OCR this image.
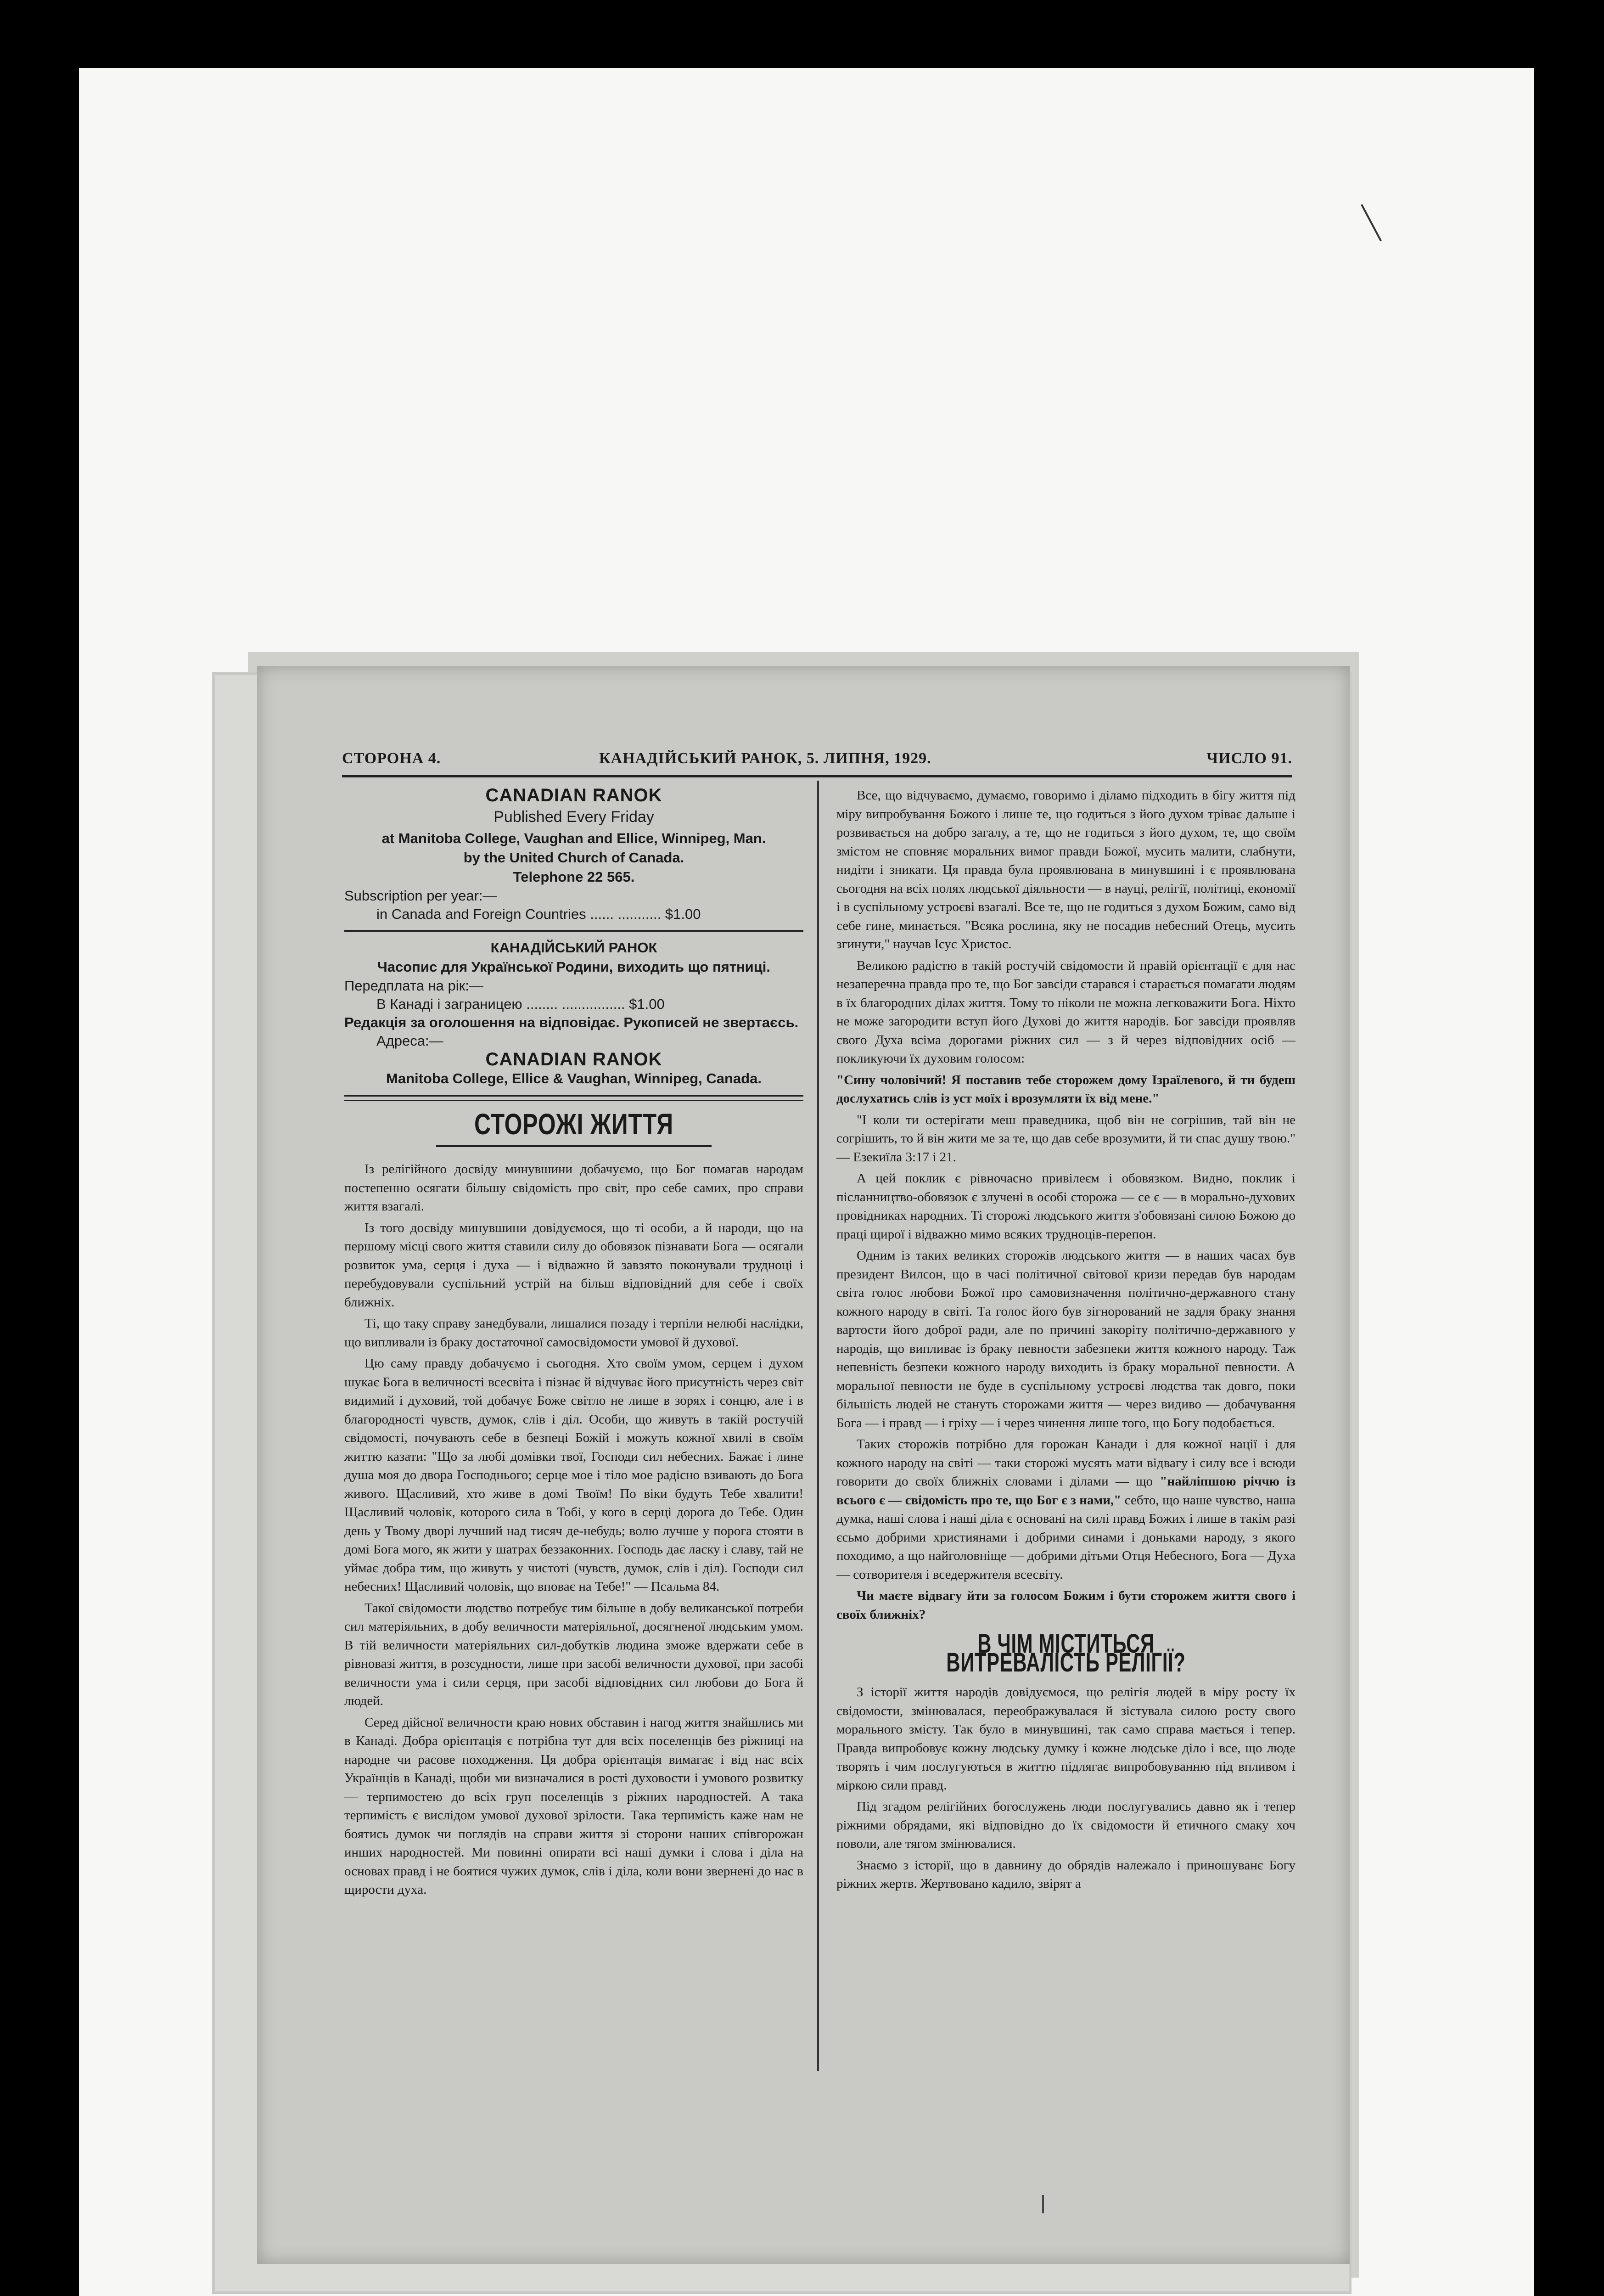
СТОРОНА 4.	КАНАДІЙСЬКИЙ РАНОК, 5. ЛИПНЯ, 1929.	ЧИСЛО 91.
CANADIAN RANOK
Published Every Friday
at Manitoba College, Vaughan and Ellice, Winnipeg, Man.
by the United Church of Canada.
Telephone 22 565.
Subscription per year:—
in Canada and Foreign Countries ...... ........... $1.00
КАНАДІЙСЬКИЙ РАНОК
Часопис для Української Родини, виходить що пятниці.
Передплата на рік:—
В Канаді і заграницею ........ ................ $1.00
Редакція за оголошення на відповідає. Рукописей не звертаєсь.
Адреса:—
CANADIAN RANOK
Manitoba College, Ellice & Vaughan, Winnipeg, Canada.
СТОРОЖІ ЖИТТЯ

Із релігійного досвіду минувшини добачуємо, що Бог помагав народам постепенно осягати більшу свідомість про світ, про себе самих, про справи життя взагалі.

Із того досвіду минувшини довідуємося, що ті особи, а й народи, що на першому місці свого життя ставили силу до обовязок пізнавати Бога — осягали розвиток ума, серця і духа — і відважно й завзято поконували трудноці і перебудовували суспільний устрій на більш відповідний для себе і своїх ближніх.

Ті, що таку справу занедбували, лишалися позаду і терпіли нелюбі наслідки, що випливали із браку достаточної самосвідомости умової й духової.

Цю саму правду добачуємо і сьогодня. Хто своїм умом, серцем і духом шукає Бога в величності всесвіта і пізнає й відчуває його присутність через світ видимий і духовий, той добачує Боже світло не лише в зорях і сонцю, але і в благородності чувств, думок, слів і діл. Особи, що живуть в такій ростучій свідомості, почувають себе в безпеці Божій і можуть кожної хвилі в своїм життю казати: "Що за любі домівки твої, Господи сил небесних. Бажає і лине душа моя до двора Господнього; серце мое і тіло мое радісно взивають до Бога живого. Щасливий, хто живе в домі Твоїм! По віки будуть Тебе хвалити! Щасливий чоловік, которого сила в Тобі, у кого в серці дорога до Тебе. Один день у Твому дворі лучший над тисяч де-небудь; волю лучше у порога стояти в домі Бога мого, як жити у шатрах беззаконних. Господь дає ласку і славу, тай не уймає добра тим, що живуть у чистоті (чувств, думок, слів і діл). Господи сил небесних! Щасливий чоловік, що вповає на Тебе!" — Псальма 84.

Такої свідомости людство потребує тим більше в добу великанської потреби сил матеріяльних, в добу величности матеріяльної, досягненої людським умом. В тій величности матеріяльних сил-добутків людина зможе вдержати себе в рівновазі життя, в розсудности, лише при засобі величности духової, при засобі величности ума і сили серця, при засобі відповідних сил любови до Бога й людей.

Серед дійсної величности краю нових обставин і нагод життя знайшлись ми в Канаді. Добра орієнтація є потрібна тут для всіх поселенців без ріжниці на народне чи расове походження. Ця добра орієнтація вимагає і від нас всіх Українців в Канаді, щоби ми визначалися в рості духовости і умового розвитку — терпимостею до всіх груп поселенців з ріжних народностей. А така терпимість є вислідом умової духової зрілости. Така терпимість каже нам не боятись думок чи поглядів на справи життя зі сторони наших співгорожан инших народностей. Ми повинні опирати всі наші думки і слова і діла на основах правд і не боятися чужих думок, слів і діла, коли вони звернені до нас в щирости духа.

Все, що відчуваємо, думаємо, говоримо і діламо підходить в бігу життя під міру випробування Божого і лише те, що годиться з його духом тріває дальше і розвивається на добро загалу, а те, що не годиться з його духом, те, що своїм змістом не сповняє моральних вимог правди Божої, мусить малити, слабнути, нидіти і зникати. Ця правда була проявлювана в минувшині і є проявлювана сьогодня на всіх полях людської діяльности — в науці, релігії, політиці, економії і в суспільному устроєві взагалі. Все те, що не годиться з духом Божим, само від себе гине, минається. "Всяка рослина, яку не посадив небесний Отець, мусить згинути," научав Ісус Христос.

Великою радістю в такій ростучій свідомости й правій орієнтації є для нас незаперечна правда про те, що Бог завсіди старався і старається помагати людям в їх благородних ділах життя. Тому то ніколи не можна легковажити Бога. Ніхто не може загородити вступ його Духові до життя народів. Бог завсіди проявляв свого Духа всіма дорогами ріжних сил — з й через відповідних осіб — покликуючи їх духовим голосом:

"Сину чоловічий! Я поставив тебе сторожем дому Ізраїлевого, й ти будеш дослухатись слів із уст моїх і врозумляти їх від мене."

"І коли ти остерігати меш праведника, щоб він не согрішив, тай він не согрішить, то й він жити ме за те, що дав себе врозумити, й ти спас душу твою." — Езекиїла 3:17 і 21.

А цей поклик є рівночасно привілеєм і обовязком. Видно, поклик і післанництво-обовязок є злучені в особі сторожа — се є — в морально-духових провідниках народних. Ті сторожі людського життя з'обовязані силою Божою до праці щирої і відважно мимо всяких трудноців-перепон.

Одним із таких великих сторожів людського життя — в наших часах був президент Вилсон, що в часі політичної світової кризи передав був народам світа голос любови Божої про самовизначення політично-державного стану кожного народу в світі. Та голос його був зігнорований не задля браку знання вартости його доброї ради, але по причині закоріту політично-державного у народів, що випливає із браку певности забезпеки життя кожного народу. Таж непевність безпеки кожного народу виходить із браку моральної певности. А моральної певности не буде в суспільному устроєві людства так довго, поки більшість людей не стануть сторожами життя — через видиво — добачування Бога — і правд — і гріху — і через чинення лише того, що Богу подобається.

Таких сторожів потрібно для горожан Канади і для кожної нації і для кожного народу на світі — таки сторожі мусять мати відвагу і силу все і всюди говорити до своїх ближніх словами і ділами — що "найліпшою річчю із всього є — свідомість про те, що Бог є з нами," себто, що наше чувство, наша думка, наші слова і наші діла є основані на силі правд Божих і лише в такім разі єсьмо добрими християнами і добрими синами і доньками народу, з якого походимо, а що найголовніще — добрими дітьми Отця Небесного, Бога — Духа — сотворителя і вседержителя всесвіту.

Чи маєте відвагу йти за голосом Божим і бути сторожем життя свого і своїх ближніх?

В ЧІМ МІСТИТЬСЯ ВИТРЕВАЛІСТЬ РЕЛІГІЇ?

З історії життя народів довідуємося, що релігія людей в міру росту їх свідомости, змінювалася, переображувалася й зістувала силою росту свого морального змісту. Так було в минувшині, так само справа мається і тепер. Правда випробовує кожну людську думку і кожне людське діло і все, що люде творять і чим послугуються в життю підлягає випробовуванню під впливом і міркою сили правд.

Під згадом релігійних богослужень люди послугувались давно як і тепер ріжними обрядами, які відповідно до їх свідомости й етичного смаку хоч поволи, але тягом змінювалися.

Знаємо з історії, що в давнину до обрядів належало і приношуванє Богу ріжних жертв. Жертвовано кадило, звірят а
